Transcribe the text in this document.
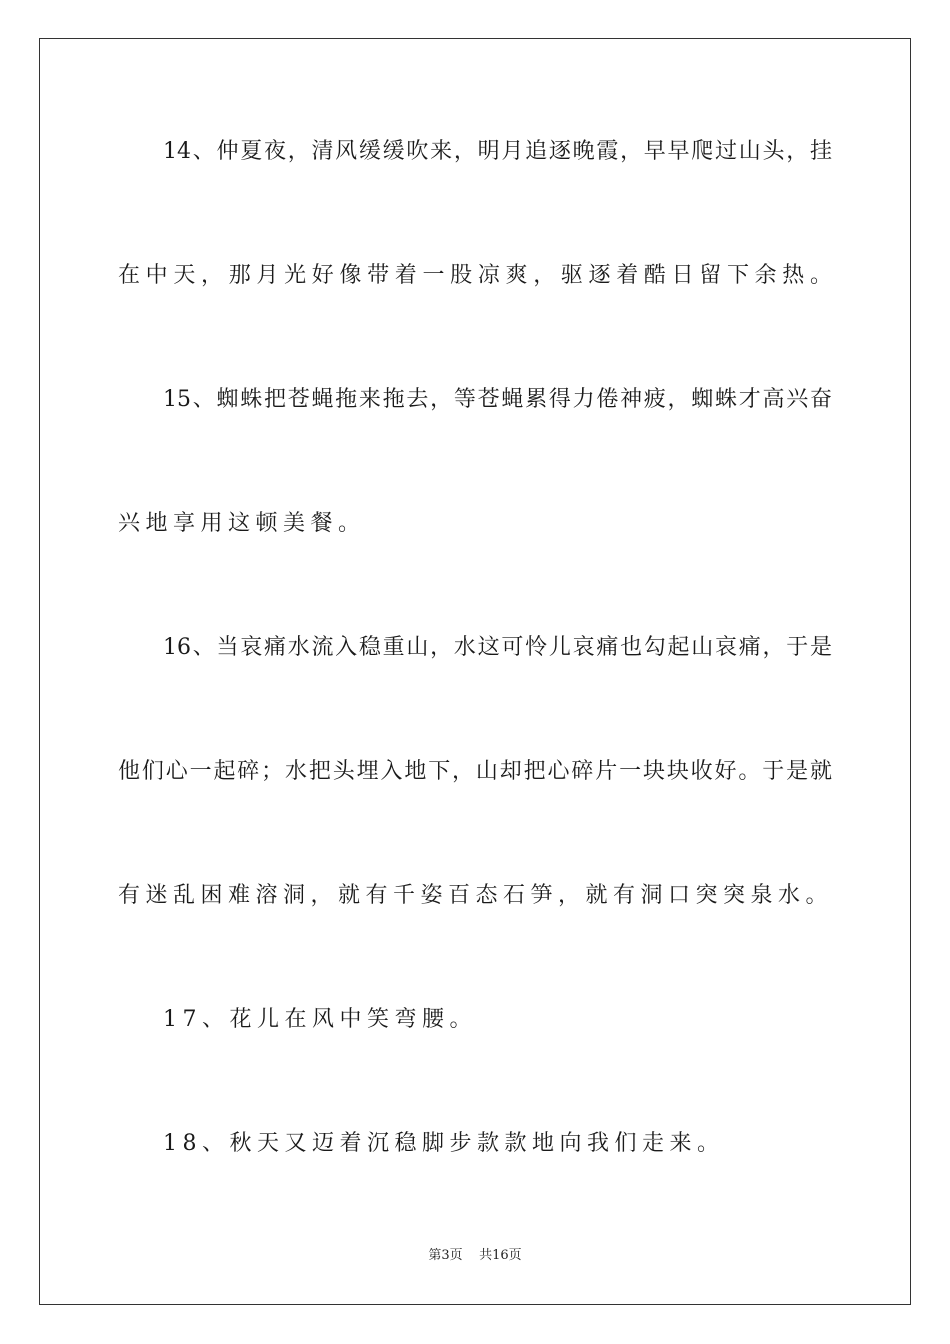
14、仲夏夜，清风缓缓吹来，明月追逐晚霞，早早爬过山头，挂
在中天，那月光好像带着一股凉爽，驱逐着酷日留下余热。
15、蜘蛛把苍蝇拖来拖去，等苍蝇累得力倦神疲，蜘蛛才高兴奋
兴地享用这顿美餐。
16、当哀痛水流入稳重山，水这可怜儿哀痛也勾起山哀痛，于是
他们心一起碎；水把头埋入地下，山却把心碎片一块块收好。于是就
有迷乱困难溶洞，就有千姿百态石笋，就有洞口突突泉水。
17、花儿在风中笑弯腰。
18、秋天又迈着沉稳脚步款款地向我们走来。
第3页 共16页
